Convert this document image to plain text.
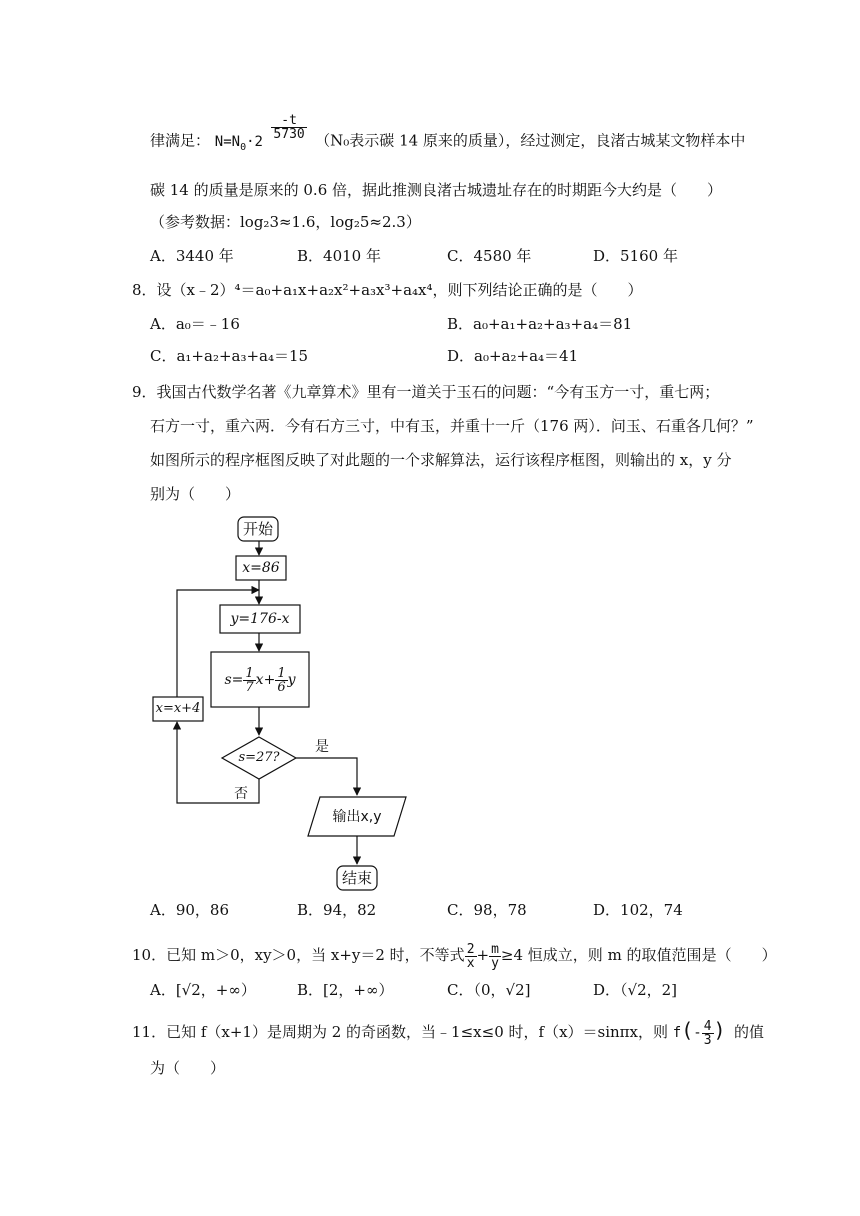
律满足： $N=N_0\cdot 2$
$\frac{-t}{5730} (N_0$表示碳 14 原来的质量），经过测定，良渚古城某文物样本中
碳 14 的质量是原来的 0.6 倍，据此推测良渚古城遗址存在的时期距今大约是（　　）
（参考数据：log₂3≈1.6，log₂5≈2.3）
A．3440 年	B．4010 年	C．4580 年	D．5160 年
8．设（x﹣2）⁴＝a₀+a₁x+a₂x²+a₃x³+a₄x⁴，则下列结论正确的是（　　）
A．a₀＝﹣16	B．a₀+a₁+a₂+a₃+a₄＝81
C．a₁+a₂+a₃+a₄＝15	D．a₀+a₂+a₄＝41
9．我国古代数学名著《九章算术》里有一道关于玉石的问题：“今有玉方一寸，重七两；
石方一寸，重六两．今有石方三寸，中有玉，并重十一斤（176 两）．问玉、石重各几何？”
如图所示的程序框图反映了对此题的一个求解算法，运行该程序框图，则输出的 x，y 分
别为（　　）
开始
x=86
y=176-x
$s= \frac{1}{7} x+ \frac{1}{6}$ y
s=27?
是
否
x=x+4
输出x,y
结束
A．90，86	B．94，82	C．98，78	D．102，74
10．已知 m＞0，xy＞0，当 x+y＝2 时，不等式 $\frac{2}{x} + \frac{m}{y} \ge 4$ 恒成立，则 m 的取值范围是（　　）
A．[√2，+∞）	B．[2，+∞）	C．（0，√2]	D．（√2，2]
11．已知 f（x+1）是周期为 2 的奇函数，当﹣1≤x≤0 时，f（x）＝sinπx，则 $f(- \frac{4}{3}$ ) 的值
为（　　）
